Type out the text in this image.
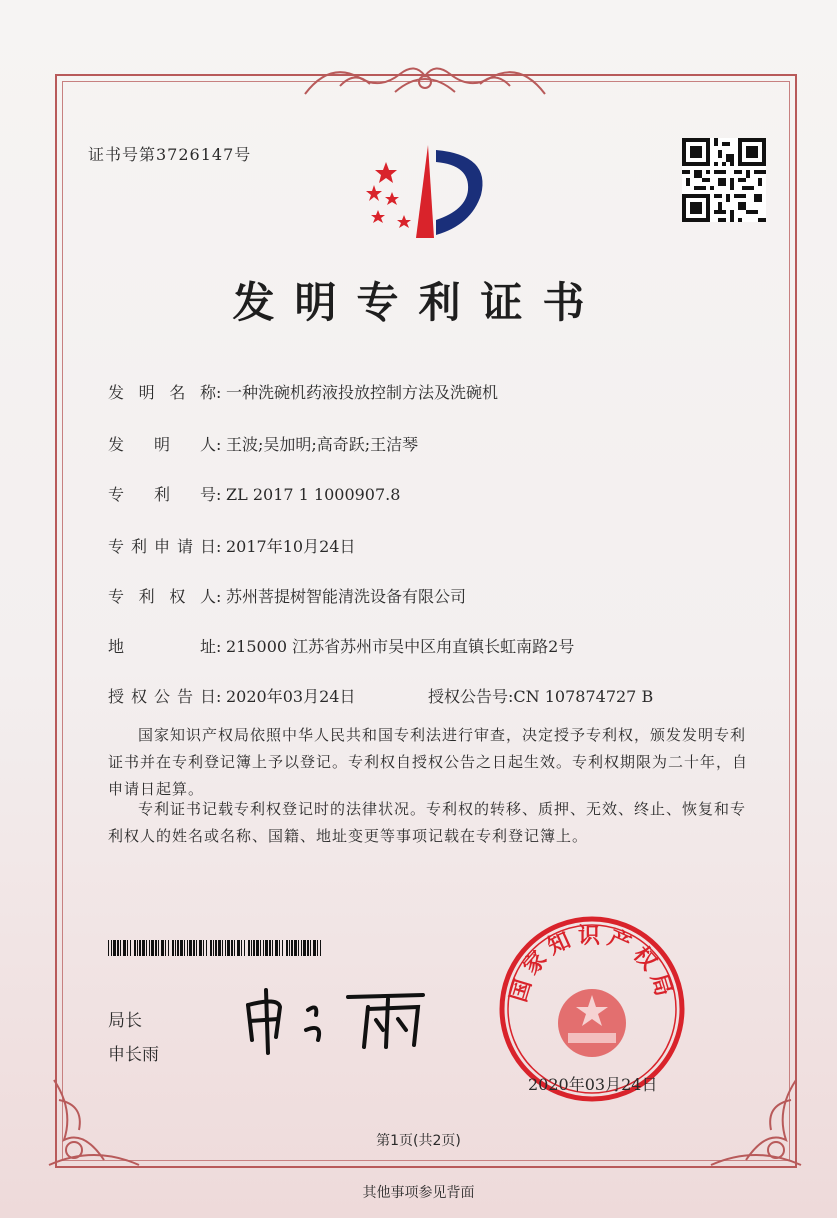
证书号第3726147号
发明专利证书
发明名称: 一种洗碗机药液投放控制方法及洗碗机
发明人: 王波;吴加明;高奇跃;王洁琴
专利号: ZL 2017 1 1000907.8
专利申请日: 2017年10月24日
专利权人: 苏州菩提树智能清洗设备有限公司
地址: 215000 江苏省苏州市吴中区甪直镇长虹南路2号
授权公告日: 2020年03月24日	授权公告号:CN 107874727 B

国家知识产权局依照中华人民共和国专利法进行审查，决定授予专利权，颁发发明专利证书并在专利登记簿上予以登记。专利权自授权公告之日起生效。专利权期限为二十年，自申请日起算。

专利证书记载专利权登记时的法律状况。专利权的转移、质押、无效、终止、恢复和专利权人的姓名或名称、国籍、地址变更等事项记载在专利登记簿上。

局长
申长雨
国家知识产权局
2020年03月24日
第1页(共2页)
其他事项参见背面
